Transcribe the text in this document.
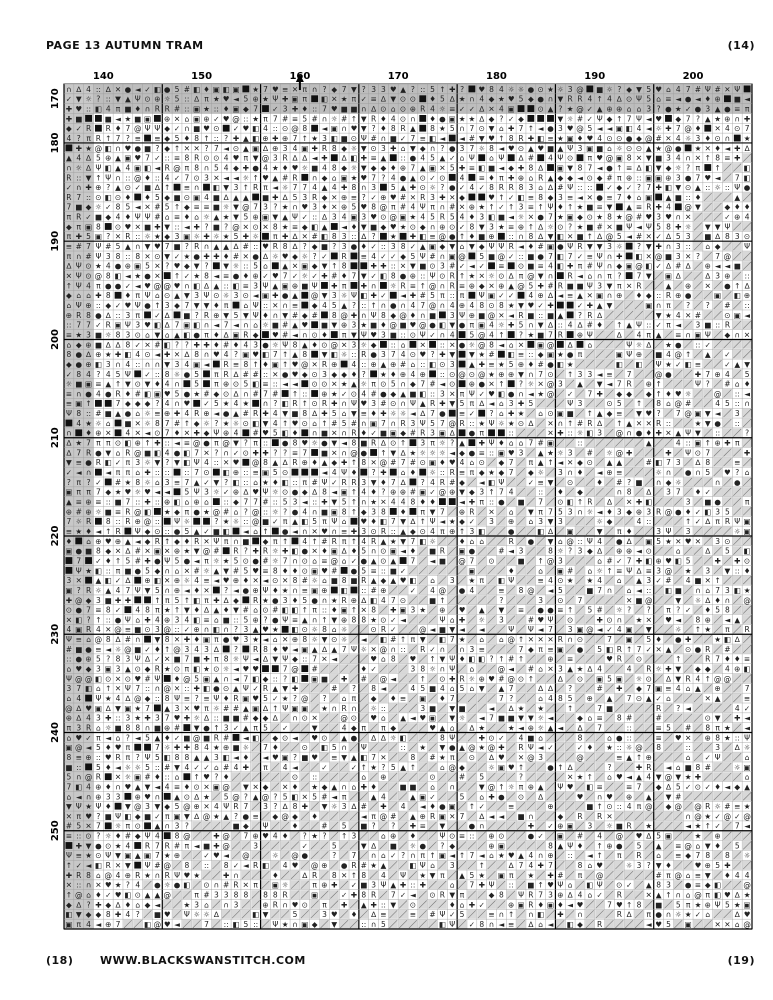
PAGE 13 AUTUMN TRAM	(14)
∩ ∆ 4 :: ∆ ✕ ● ◄ ✓ ◧ ● 5 # ◧ ♦ ▣ ◧ ▣ ★ 7 ♥ ≡ ✕ π ∩ ? ◆ 7 ▼ ? 3 3 ♥ ▲ ? :: 5 ↑ ✚ ? ♥ 8 4 ☼ ☼ ● ⊙ ★ ☼ 3 @ ■ ☼ ? ◆ ▼ 5 ♥ ⌂ 4 7 # Ψ # ✕ Ψ
✓ ▼ ☼ ? :: ▼ ▲ Ψ ⊙ ⊕ ☼ 5 :: ∆ π ★ ♥ ◄ 5 ⊕ ★ Ψ ✚ ▣ π ◧ ✕ ★ π ✓ ≡ ∆ ▼ ⊙ ⊙ ♦ 5 ∆ ★ ∩ 4 ◆ ★ ♥ 5 ◆ ● ∩ ▼ R R 4 ↑ 4 ∆ ⊙ Ψ 5 ⌂ ≡ ◄ ● ◄ ♦ ⊕ ■ ◄
✚ ♥ :: ◧ 4 π ■ ♦ ∩ R R # :: ▣ ★ :: ♦ ▣ ◆ 7 ✓ 3 ✚ ♦ :: 7 ♥ ■ ■ ∩ ∆ ⊙ ⌂ ⊙ ⊕ R 4 ☼ ≡ ✓ ✓ ∆ ✕ 4 ▣	⊙ ▲ ? ★ @ ✓ ▲ ⊕ ⊕ ⌂ ⌂ 3 ? ● ★ ✓ ● 3 ▲ ● ≡ π
✚ ■	■ ◄ ★ ■ ▣ ⊕ ✕ ⌂ ▣ ⊕ ✓ ♥ @ :: ★ π 7 # ≡ 5 # ∩ ☼ # ↑ ▼ R ♦ 4 ⊙ ∩ ♦ ● ▣ ★ ★ ∆ ◆ ? ✓ ◆	▼ ☼ # ✓ Ψ ◆ ↑ 7 Ψ ◄ ♥ ◆ 7 ? ▲ ★ ⊕ ∩ ✚
◆ ✓ R R ♦ 7 @ Ψ Ψ ◆ ✓ ∩ ■ ♥ ⊙ ✓ ♥ ◧ 4 :: ⊙ @ 8 ◄ ▣ ∩ ♥ ▼ ? ♦ 8 R ▲ 8 ★ 5 ∩ 7 ⊙ ▼ ⌂ ✚ 7 ↑ ◄ ● 3 ♥ @ 5 ◄ ◄ ▣ ◧ 4 ◄ ☼ ✚ 7 @ ♦ ✕ 4 ⊙ 7
4 ? π R ↑ 7 ? ≡ ≡ ◆ 5 ♦ 8 ↑ :: ? ✚ ▲ ◧ ⊕ ✚ ⊕ 7 ↑ ★ 3 ◧ ■ ⊙ Ψ # ∩ ■ ✓ 7 ≡ ◧ ◄ ◄ # ▼ ♥ ↑ 8 R ✚ ◧ ≡ ★ ▣ ♦ ♥ 4 ⊙ ⊙ ● ◆ @ # ✕ 4 ☼ 3 ♦ ⊙ ∩ ★
✚ ★ @ ◧ ∩ ♥ ● ■ ? ◆ ↑ ✕ ✕ ? 7 ◄ ⊙ ▲ ▣ ∆ ⊕ 3 4 ▣ ✚ R 8 ◆ ☼ ▼ ⊙ 3 ✚ ⌂ ▼ ◆ ∩ ? ● 3 7 ☼ 8 ◄ ♥ ⊙ ▲ ♥ ■ ▲ Ψ 3 ▣ ■ ⌂ ☼ ⊙ ⊙ ▲ ★ @ ● ★ ✕ ♦ ◄ ✚ ∆
▲ 4 ∆ 5 ⊕ ▲ ▣ ♥ 7 ✓ :: ≡ 8 R ⊙ ⊙ 4 ♥ π ▼ @ 3 R ∆ ∆ ◄ ✚ ∆ ◧ ✚ ≡ ▲ :: ● 4 5 ▲ ✓ ⌂ Ψ ⌂ Ψ ∆ # 4 Ψ ⊙ π ♥ @ ▣ 8 ✕ ▼ ■ 3 4 ∩ ✕ ↑ 8 ≡ ✚
∩ ☼ ∆ Ψ ◧ ▲ 4 ▣ ◧ ◄ R @ π 8 ∩ 5 4 ◆ ✚ ● 4 ★ ♦ ♥ ☼ ■ 4 8 ◆ ☼ ▼ ◆ ◆ ♦ ⊕ 7 ▲ ▣ ✕ 5 ✚ ≡ ◧ ■ ◄ ◆ ✚ 8 ∆ ▣ ▼ 8 7 ◄ ● ↑ ≡ ∆ ◧ ▼ ◆ ☼ ? π ↑	◧
R :: ▼ ↑ Ψ ∩ :: @ ♦ :: 4 ✓ 7 ⊙ 3 ✕ ◄ ◄ ☼ ↑ ♥ ▲ # R ∩ ◆ ⌂ ▣ ★ ♥ 7 ? 4 ● ▲ ⊙ ✓ ⊙ 4 ≡ ♦ π ✚ ⊕ ⌂ R ▲ ◆ ◆ ◄ ⊙ ◆ # π ⊕ :: ▣ ▣ ⊕ 3 ● 7 ♥ ◄ 7 ◧
✓ ∩ ✚ ⊕ ? ▲ ⊙ ✓ ■ ∆ ↑ ≡ ∩ ◧ ▼ 3 ↑ R π ◄ ☼ 7 7 4 ▲ 4 ✚ 8 ∩ 3 5 ▲ ✚ ⊙ ☼ ? ● ✓ 4 ✓ 8 R R 8 3 ⌂ ∆ # Ψ :: :: ✓ ◆ ✓ ? 7 ✚ ◧ ▼ ⊙ ▲ :: ☼ :: Ψ ●
R 7 :: ⊙ ◧ ⊙ ♦ ♦ 5 ◆ ■ ⊙ ▣ 4 ■ ∆ ▲ ▲ ■ ✚ ∆ 5 3 R ◆ ✕ ⊕ ≡ ? ✓ ⊕ ♥ # ✕ R 3 ✚ ✕ ◆	♥ ↑ ✓ ◧ ≡ 8 ◆ 3 ≡ ◄ ✕ ● ≡ 7 ♦ ⌂ ▣ ▲ ■ :: ♦	▲
7 ■ ◆ ☼ ✓ 8 5 ◄ ✕ # 5 ↑ ◆ ≡ ≡ ■ ☼ ▼ @ 7 3 ? ★ ∩ ♥ 3 ♦ ✕ ⊕ 5 ♥ 8 @ π # 4 Ψ π ∩ # ✕ ⊕ ★ ↑ ✓ ↑ 3 ≡ ↑ Ψ ♦ ↑ ★ ■ ≡ ▼ ▲ ≡ R ✚ 4 @ ▼	◆ ♦ ♦
π R ✓ ■ ◆ 4 ♦ Ψ Ψ # ⌂ ≡ ♦ ⌂ ☼ ▲ ★ ▼ 5 ⊕ ▣ ▼ ▲ Ψ ✓ :: ∆ 3 4 ▣ 3 ♥ ⊙ @ ▣ ★ 4 5 R 5 4 ♦ 3 ◧ ■ ◄ ☼ ✕ ● 7 ★ ▣ ◆ ⊙ ★ 8 ★ @ # ♥ 3 ♥ ∩ ✕	✓ ⊕ 4
◆ π ▣ 8 ⊙ ♥ ✕ ■ ✚ ▼ :: ◄ ✚ ? ■ ? @ ✕ ⊙ ✕ 8 ★ ≡ ◆ ◧ ▲ ◄ ♦ ▼ ■ ◆ ♥ ★ ⊙ ◆ ∩ ⊕ ⊙ ✓ 8 ▼ 3 ★ ≡ ⊕ ↑ ∆ ☼ ⊙ ? ★ ■ # ✕ ■ Ψ ◄ Ψ 5 8 ✚ ☼ ▼ ▼ Ψ
π ✚ 5 ▣ ? ✕ R :: ☼ ★ ◆ 3 ▣ ☼ ✚ ☼ ★ 5 ✚ ☼ π ✚ ∆ ✕ # ◧ 8 3 :: ∆ ? ★ ✚ ◧ ≡ @ ● ↑ ♦ ■ ⊕ :: ∩ 8 ∆ ▼ ◧ ✕ ■ ↑ ∆ @ 5 ◄ # ✕ ✓ ∆ 5 3 ■ ∆ 8 3 ⊙
≡ # 7 Ψ # 5 ▲ ∩ ▼ ♥ 7 ■ ? R ∩ ▲ ▲ ∆ # :: ♥ R 8 ∆ ? ◆ ■ ? 3 ● ♦ ✓ :: 3 8 ✓ ▲ ▣ ◆ ▼ ⌂ ▼ ◆ Ψ Ψ R ◄ ♦ # ▣ ● Ψ R ▼ ▼ 3 ☼ ? ▼ ✚ ∩ 3 :: ⌂ ◆	Ψ
π ∩ # Ψ 3 8 :: 8 ✕ ⊙ ▼ ✓ ★ ● ✚ ✚ ♦ # ✕ ● ∆ ☼ ♥ ◆ ☼ ? ✓ R ≡ 4 ✓ ✓ ◆ 5 Ψ # ∩ ▣ @ 5 ■ @ ✓ :: ■ ● 7 ◧ 7 ✓ ≡ Ψ ∩ ✚ ◧ ✕ @ ■ 3 ✕ ? 7 @
∆ Ψ ⊙ ★ 4 ● ⊕ ▣ 5 ✕ ? ♥ ◆ ▼ ? ▼ ☼ :: 5 ⌂ ▲ ✕ ▣ ◆ ▼ ↑ 8	✚ ✚ :: ✕ ▼ ■ ⊙ 3 # ✓ ◄ ✓ ≡ ⊙ ■ ≡ 4 ◧ ✚ π # Ψ ∩ ◆ ▣ @ ◧ ✓ ∆ # ∆ ⊕ ◄ ◄ ■
✕ Ψ ⊙ @ 8 ◧ ◄ ★ ● ✕ ↑ ✓ ★ 8 ◄ ≡ ● ♦ ⊕ ✓ ♥ 7 ✓ ☼ ✓ ✚ # ♦ 7 ▼ ✓ ◧ 8 ● ⊕ :: Ψ ⊙ R ↑ ★ ✕ ☼ ⊙ ∆ π @ ▼ ∩ R ◄ ⌂ ∩ π ? 7 ▼ ▣ ∆	∆ 3 ⊕ ::
↑ Ψ 4 π ● ● ✓ ◄ ♥ @ @ ♥ ∩ ◧ ∆ ▲ :: ◧ ≡ 3 Ψ ▲ ▣ ⊕ ■ Ψ ✚ π ✚ ∩ ☼ R ≡ ↑ @ ∩ R ≡ ⊕ ◆ ✕ ⊕ ▲ @ 5 ✚ # R ■ ■ Ψ 3 ▼ π ✕ R	▲ ⊕ ✕ ● ↑ ∆
◆ ⌂ ⌂ ✚ 8 ♦ π Ψ ⌂ ⊙ ▲ ▼ 3 Ψ ⊙ ☼ 3 ⊙ ◄ ▣ ✚ ● ▲ @ ▼ 3 ☼ Ψ ◧ ✚ ✓ ◄ ✚ # 5 π :: π Ψ ▣ ✓ ✓ 4 ⊕ ∆ ◄ ≡ ▲ ✕ ▣ ∩ ⊕ ♦ ◆ :: R ⊕ ●	▣ ◧ ⊕
⌂ Ψ ⊕ :: ◆ ✓ ♥ Ψ ● ↑ 3 ◆ 7 ▼ ▼ ♦ π ⌂ Ψ :: ✕ ∩ ≡ ◆ 4 5 ▲ ? :: ↑ ∩ ● ∩ 4 7 @ ∩ 4 ⊕ 4 8 ⊙ 8 ★ ▼ ♥ ✓ ✚	✓ ✚ ▲ ▼	▣ ∩ π ? ? # ::
⊕ R 8 ● ∆ :: 3 π ✓ ∆ ■ ? R ⊕ ▼ 5 ▼ Ψ ♦ ∩ ▼ # ◆ # 8 @ ✚ ∩ Ψ 8 ◆ @ ♦ ∩ ■ 3 Ψ ⊕ ■ @ ✕ ◄ R ■ :: ■ ▲ ? R ∆	▼ ★ 4 ✕ #	⊙ ▣ ◄
:: 7 7 ✓ R ▣ Ψ 3 ♥ ◧ ∆ 7 ▣ ◧ ∩ ◄ 7 ◄ ∩ ⌂ ☼ ■ # ▲ ♥ ■ ▼ ⊕ 3 ★ ■ ♦ @ ■ ♥ @ ● ◧ ▼ ● π ▣ 4 ☼ ✚ 5 ∩ ▼ ∆ :: 4 ∆ # ♦ ↑ ▲ Ψ :: ✓ π ◄ 3 ■ :: R
≡ ★ 3 ■ ☼ 8 3 ⊙ ⌂ ▼ ⌂ ▲ ◧ ● π ♦ ∆ ▣ R ◆ ♥ # ◄ ∩ ⊙ ♦ π ▼ Ψ ♥ 3 ■ :: ⊙ Ψ ✓ ∩ 4 5 @ 4 ↑ ? ★ ■ 7 R ⊕ Ψ	∆ 4 π ▲ ≡ ∩ ▣ Ψ ◆ ∩ ✕
⌂ ◆ ⊕ ■ ∆ ∆ 8 ✓ ✕ # ◧ ? ? ✚ ✚ ♦ # ♦ 4 3 ● ☼ Ψ 8 ▲ ♦ ⊙ @ ✕ 3 ☼ ◆ :: ⌂ ✕ :: ✕ ● ☼ @ 8 ◄ ⌂ ✕ ▣ @ ∆ ⌂	Ψ ☼ ∆ ★ ● :: ✓
8 ● ∆ ⊕ ★ ✚ ◧ 4 ⊙ ◄ ✚ ✕ ∆ 8 ∩ ♥ 4 ? ▣ ♥ ◧ 7 ↑ ▲ 8 ▼ ◧ ☼ :: R ● 3 7 4 ⊙ ♥ ? ✚ ▼ ▼ ★ # ◧ ≡ :: ◆ ▣ ★ ● π	▣ Ψ ⊕ ■ 4 @ ↑ ▲ ✓
◆ ● ⊕ ◧ 3 ∩ 4 :: ∩ ∩ ▼ 3 4 ▣ ◄ R ≡ 8 ↑ ♦ ▣ ↑ ♥ @ ✕ R ⊕ 4 :: ⊕ ▲ ⊕ # ⌂ :: ◧ ⊙ 3 ▲ ✚ ≡ ★ 5 ⊕ ♦ # ● ◧ ★	◧ ◧ Ψ ★ ✓ ◧ ≡	✓ ▲ ▼
✓ 8 4 ? 4 5 Ψ ✓ :: 8 ☼ ● 5 π R ∆ # # :: ✕ ● ♥ ◆ ⊙ 3 ◆ ◆ ♦ ? ★ ♦ ⊕ 4 ⊕ :: ⊙ @ ⊙ @ ★ ⊕ ⊕ ▼ ∩ 7 ⊙ ↑ 3 3 ◄ ≡ 7	@ ●	✚ 7 ⊕ 4 5
☼ ■ ▣ ≡ ▲ ↑ ▼ ⊙ ▼ ♦ 4 ∩ 5 π ⊕ ⊙ 5 ◧ ≡ :: ◄ ◄ ⊙ ⊙ ✕ ★ ▲ ☼ π ⊙ 5 ∩ ◆ 7 # ◄ ⊙ ⊕ ● ✕ ↑ ? ☼ ✕ @ 3 ▲ ▼ ◄ 7 R ⊕ ↑	Ψ ? # ⌂ ♦
≡ ∩ ● 4 ● R ♦ # ◧ ▣ ♥ 5 ● ★ # ◆ ⊙ ∆ ∩ # 7 # ↑ :: ⊕ ★ ✓ ⊙ 4 # ● ◆ ▲ ■ ◧ :: 3 ✕ π Ψ ✓ ♥ ◧ ● ∩ ◄ ★ @ ✓ 7 ✚ ◆ ◆ ◆ ↑ ♦ ♥ ☼	@ :: ◄
≡ ▣ ↑	7 ◆ ◆ ◆ ? 4 ∩ ♥ ✓ 5 ★ 4 ★ ∩ ? ◧ R ↑ ⊙ R ✚ ∩ Ψ ♥ 3 # ⊙ ∩ Ψ ▲ R ✚ ▼ 5 π ∆ ◄ ⌂ 3 ✚ 5	Ψ 3	⊙ 5 ↑ 8 ⌂ @ #	4 5 :: ∩
Ψ 8 :: # ■ ▲ ● ⌂ ☼ ≡ ⊕ ✚ 4 R ⊕ ◄ ● ▲ # R ✚ 4 ▼ ■ 8 ∆ ✚ 5 ⌂ ▼ ≡ ♦ ✚ ☼ ☼ ◄ ∆ 7 ● ≡ ✓ ? ⌂ ✚ ★ ⌂ ⊙ ▣ ■ ↑ ▲ ◆ ≡ ▼ ♥ ? 7 @ ▣ ▼ ◄ 3
4 ★ ☼ ⌂ ■ ✕ ☼ 8 7 # ↑ ◆ ☼ ? ★ ☼ ⊙ ◧ ▼ 4 ↑ ♥ ⊙ ⌂ ↑ # 5 # ∩ ▣ 7 ∩ R 3 Ψ 5 7 @ R :: ★ Ψ ☼ ★ ⊙ ∆ ✕ ∩ ↑ # R ∆ ↑ ▲ ✕ ✕ R ::	★ ▼ ● ::
∩ ♦ ⊕ ✕ 4 ✕ ◄ ⊙ 7 ♦ ✕ ✚ ◆ Ψ ⊕ 4 # ♥ 5 ◧ ♦ ∩ ■ ✕ ∩ R ♦ ✓ ■ ▣ ◆ # R 3 ▣ ∆ ● π	::	✕ ✚ :: ☼ ◧ 3 @ ∩ ● ♦ ✚ ✕ ▲ Ψ ▼ ::	?
∆ ★ 7 π π ⊙ ◧ ⊕ ↑ ✚ :: ◄ ≡ @ ● π @ ▼ ? π :: ● 8 ♥ ☼ ● ▼ ◄ 8 ■ R ∆ ⊙ ↑ 3 π ☼ ? ▲ ✚ Ψ ♦ ⌂ ⌂ 7 # ▣	::	▲	4 :: ▣ ↑ ⊕ ✚ π
∆ 7 R ● ▼ ⌂ R @ ■ ◧ 4 ● ◧ 7 ✕ ? ∩ ✓ ⊙ ✚ ✚ ? ? ≡ 7 ■ ✕ ∩ @ ● ↑ ▼ ∆ ★ ☼ ☼ ☼ ◄ ◆ ● ≡ :: ▣ ♥ 3 ▲ ★ ☼ 3 # ☼ @ ✚	✚ Ψ ⊙ 7	✚
▼ ≡ ● R ◧ ✓ π 3 ☼ ▼ ? ▼ ◧ Ψ 4 :: ✕ ♥ @ 8 ▲ ∆ R ⊕ ♦ ▲ ◆ ✚ ↑ 8 ✕ @ # 7 # ⊙ ▣ ♦ ♥ 4 ⌂ ⊙ ◆ 7 π ▲ ↑ ◄ ✕ ◆ ⊙ ▲ ▲	# ◧ 7 3 ∆ 8	≡
✓ ◄ ∩ ◄ π π ⌂ ✚ :: :: :: 7 ⊙ ◧ ⊕ :: ≡ ▣ 5 ⊙	◄ 4 Ψ ♦ ? ✚ ⌂ ♦ ☼ :: R ≡ π ◆ ★ ◆ 7 ◆ ☼ 3 ∩ ♦ ◄ ⊕ ≡	☼ ∩ ● ∩ 5 ♥ ? ⌂
? π ? ✓ # ★ 8 ☼ ⌂ 3 ≡ 7 ▲ ✓ ▼ ? ◧ :: ⌂ ★ ♦ ◧ :: π # Ψ ✓ R R 3 ▼ ♦ 7 ∆ ? 4 R # ◆ ◄ ◧ Ψ	✓ ≡ ▼ ⊙	♦ # ? ■ ∩ ◆ ☼	∩ ●
▣ π π 7 ◆ ★ ♥ ☼ ♥ ◄ ◄ 5 Ψ 3 ☼ ✓ ⊕ ∆ ♥ Ψ ☼ ⊙ ● ◆ ∆ 8 ◄ ▣ ↑ 4 ♦ ? ⊕ ⊕ # ▣ ✓ @ ⊕ ▼ ◆ 3 ↑ 7 4	:: ♦ ◆	∩ 8 ∆ 3 7 ♦ ✓
▲ ≡ ⊕ ≡ :: ■ 7 :: ✚ :: ⊕ ◧ ⌂ ⊕ ⌂ :: ◆ 7 7 # :: 5 3 ◄ :: ✚ ▼ 5 ↑ ∩ ★ ✕ 4 4 8 ♦ ♦	◄ ✚ π :: ● ■ 7 ⊙ ◧ ↑ R ∆ ✕ ✚ ◧	3 ■ ●	π
⊕ # ⊕ ☼ ■ ≡ R @ ◧ ★ ◆ π ● ★ @ # ⌂ ? @ :: ☼ ? ● 4 ∩ ■ ▣ 8 ↑ ◆ 3 8 ♦ π ▼ 7 ⊕ R ✕ ⌂ ▼ π 7 5 3 ∩ ☼ ◄ ♦ 3 ◆ ⊕ 3 R @ ● ♦ ✓ ◧ 3 5
7 ☼ R 8 :: R ⊕ @ :: Ψ ☼	? ★ ☼ :: @ ■ ✓ π ▲ ◧ 5 π Ψ ⌂ ♥ ♦ ◧ 7 ▼ ∆ ↑ Ψ ◄ ★ ◆ ✓ 3 ⊕ ⌂ 3 ▼ 3	☼ ◆	4 ::	↑ ✓ ∆ π R Ψ ▣
≡ ★ ♦ ◄ ↑ R Ψ ◆ ⊙ :: ● 5 ▲ ✓ ■ ◧ ◄ ⌂ ↑ ● ◄ ∩ ✕ ♥ ∩ ≡ ✚ 3 ⊙ R :: ▲ ◆ ⊙ 4 π ⊕ ↑ 3 ◧	●	◧ ∆ ▣	▼ π ♦	3 Ψ 3	☼ ▣
♦ ⌂ ⊕ ♥ ⊕ ▲ ◄ ◆ R ↑ ◆ ♦ R ✕ Ψ π ∩ ■ ◆ π ↑ 4 ↑ # R π ↑ 4 R ▲ ★ ▼ 7 ◧ ☼	♦ ⌂ ⌂	R ● ▼ ⌂ @ :: Ψ 4 ● ∆ ▣ 5 ★ ✕ ♥ ✕ 3 ⊙
▣ ● ■ 8 ◆ ✕ ∆ # ✕ ▣ ✕ ⊕ ★ ▼ @ # R ? ✚ R ☼ ✚ ◧ ● ✕ ♦ ▣ ∆ ♦ 5 ∩ ⊙ ▣ ◄ ♦ ■ R ▣ ●	# ◄ 3	8 ☼ ? 3 ◆ ∆ ⊕ ⊕ ◄ ⊙	⌂	∆ 5 ◧
7 ✓ ♦ ↑ 5 # ✚ ● Ψ 5 ● ◄ π ☼ ★ 5 ⊙ ● # ☼ 7 ∩ ⊙ ⌂ ≡ @ ⌂ ✓ ● ▲ ⊙ ▲ 7 ◄ ■ @ 7 ⊙	■ ↑ @ 3	⌂ # ✓ 7 ✚ ◧ ⊕ ♥ ◧ 5	✚ ✚ ⊙
Ψ ★ ◧ :: π ■ ● 5 ◆ ∩ ⌂ ✕ # ☼ ▲ ▼ # 5 ♥ ≡ 8 ♦ ♦ ⊙ ▣ ♥ # ● 5 ≡ :: ■ ✓	▣	♦	⌂ ▣ # ⌂ ☼ ↑ ≡ Ψ ∆ ≡ 3 @ ★ 3 ▼ :: ♦
3 ✕ ▲ ◧ ✓ ∆ ⊕ ◧ ✕ ⊕ ☼ 4 ≡ ◄ ♥ ⊕ ♦ ✕ ◄ ⊙ ✕ 8 # ☼ ⌂ ■ 8 ■ R ▲ ◆ ▲ ♥ ◧ ⌂ 3 ★ π ◧ Ψ	≡ 4 ⊙ ★ ★ 4 ⌂ ▲ 3 ✓ # 4 ■ ✕ ↑
▣ ? R ☼ ▲ 4 7 Ψ ▼ 5 ∩ ⊕ ◄ ♦ ✕ ? ◄ ● ⊕ Ψ ♦ ★ ∩ ≡ ▣ ⊕ ◧ :: # ⊕	✓ 4 @ ● 4	≡ 8 @ ◄ 5	■ 7 ∩ ⌂ ◄ :: ◧ ■ ∩ ⌂ 7 3 ◧ ★
✚ @ ◆ 3 ■ ✚ ✚	↑ π 5 ↑ ◧ π ✚ ∆ ◆ R ★ ● 3 ♦ 5 ● ∩ ★ R ⊕ ∆ ◧ 4 7 ⊙	■ ↑	?	3 ⊙ 7	✕ ■ @	▼ ☼ ∆ ♦ ∩ @
⊙ ● 7 ≡ 8 ✓ 4 8 π ★ ↑ ▼ ♦ ∆ ▲ ♦ ▼ # ⌂ ⊙ # ◧ ◧ ↑ π :: ♦ ▣ ↑ ✕ 8 ✚ ▣ 3 ★ ⊕ ♥ ▲ ▼ ≡ ● ● ≡ ↑ 5 # ☼ ? ? π ? ✓ ♦ 5 8
✕ ◧ ? ↑ :: ● Ψ ⌂ ✚ 4 ⊕ 3 4 ◧ ≡ ⌂ ■ :: 5 ⊕ ? ● Ψ ≡ ▲ ∩ ↑ ▼ ⊕ 8 8 ★ ⊙ ✓ ◄	Ψ ⌂ ✚ ☼ 3	# ♥ Ψ ⊙	✚ ⊙ ∩ ★ ✕ ♥ ◄ 8 ⊕ ◄ ▲
4 ▣ R 4 ✕ @ ≡ ■ ⊙ 3 @ :: ✓ ⊕ ∩ ◧ ∩ ? 3 ▲ ♥ ★ ◧ ⊙ ☼ 8 ⌂ ☼	⊙ R ✓	@ ◄ ■ ▼ ◄ ◄	Ψ Ψ ◄ 7 3 ▣ @ ◄ ✓ 4 ▣ ▼	☼ ↑ ★ π R
Ψ ≡ ⌂ @ 8 ∆ # ∩ ▼ 8 ✕ ✚ ♦ ▣ π ● ♥ 3 ★ ◄ ⌂ ✕ ⊕ 8 ☼ ▼ ⊙ ☼ ◄ ◧ # ↑ π ▼ ◧ 7 ★ ⌂ ⌂ @ ↑ ✕ ✕ ✕ R ∩ ⊙	7 ▣ 5 ♦ ● ✚	★ ◧ ∆
# ■ ● ≡ ◄ ☼ @ ■ ✓ ♦ ↑ @ 3 4 3 ∆ ? R 8 ♦ ♥ ◄ ▣ ▲ ∆ ▲ 7 Ψ ☼ ✕ @ ∩ :: R ✓ ∩ ∩ 3 ≡	7 ◆ π ≡ ▣ ● 5 ◧ R ↑ 7 ✓ ✕ ▲ ⊙ ● R #
:: ● ⊕ 5 ? 8 3 Ψ ∆ ✓ ✕ ■ 7 ■ ✚ π 8 ☼ Ψ ◄ ∆ ▼ Ψ ◆ :: 7 ✕ ◄	♥ ⌂ 8 ♥ ↑ ▼ Ψ ♦ ◧ ◧ ? ↑ # ↑	⊕ ≡	♥ R ⊙	↑	R 7 ♦ ♦ ≡
⌂ ♥ ◆ 3 ▣ 3 ▲ ⊙ ◆ R ★ ⊙ π ◧ ★ ⊙ ☼ ◄ ♥ ♥	7 @ #	♦ ✓	3 8 ☼ ∩ Ψ ⌂	@ ◄ # ⌂ ✕ 3 ▲ ★ ∆ 4	4 R ☼ ✚ ▼ ◆ ◆ 4 ⊕ ◧
Ψ @ @ ◧ ⊙ ✕ ⊙ ♥ # Ψ ♦ @ 5 ▣ ▲ ∩ ◄ 7 ◧ ◆ :: ? ◧ ▣ ■ ✚ # @ ◄	↑ ⊙ ✚ R ☼ ⊕ ♥ # @ ⊙ ↑	∆ ⊙ ▣ 5 ▣ ☼ ⊙ ∆ ▼ R 4 ↑ @ @
3 7 ◧ ⌂ ↑ ✕ Ψ 7 :: ∩ @ ✕ :: ✚ ◧ ● ⊙ ▲ Ψ ✓ R ▲ ▼ ✚	# ? 8 ◄	4 5 ■ 4 ⌂ 5 ⌂ ▼ ▲ 7	∆ ∆ ?	# ✚ ◆ 7 ▣ ≡ 4 ⌂ ▲ ⊕	7
⌂ 4 Ψ ★ 4 ∆ @ ◆ :: 8 Ψ ≡ ? ≡ Ψ ♦ R ▣ ♥ 5 ✓ ★ ? @ ? ⌂ π ◆ ♦ ≡ ▣ ♦ 7	7 ?	⌂ 4 8 5 ⊕ ▲ 7 ⊙ ▲ ✓ ⌂	✕ ▲	≡
@ ∆ ♥ ▣ ∆ ▼ ▣ ★ 7 ▲ 3 ✕ ♥ π ☼ # # ▲ ▣ ∆ ↑ Ψ ▣ ▣ ★ ∩ R ∩ ☼ ::	3 ■ ▼ ■	◄ ∆ ★ ★	↑	7 ■	R ? ◄	4 ✓
⊕ ∆ 4 3 ✚ :: 3 ★ ✚ 3 7 ♥ ✚ ☼ ∆ :: ■ ■ # ◆ ◆ ∆ ∩ ⊙ ✕	@ ⊙ ♥ ⌂ ▲ ◄ ♥ ▣ ▼ ☼ ◄ 7 ■ ■ ▼ ▼ ☼ ◄	◆ ⌂ ≡ 8 #	#	⊙ ▼ ✚ ◄
π 3 R ⌂ ☼ ■ 8 8 ∩ ■ ⊕ # ▼ ● ↑ 3 ✓ ▲ π 5 ✓	▼	4 ◆ π π ◆	♥ ▲ ⌂ ∆ ★	★ ◄ ⊕ ☼ ▲ ◄ ∆ 7	::	≡ 5 # 8 π ★ ◄
⌂ ♥ ✓ π ◄ ⌂ ? ◄ 5 ▲ ♦ ✓ ■ @ ■ R # ◄ ◧ ◆ ⊙ ◄ ♥ ⊙ ▲ ● ∆ ∆ ☼ ◧	8 Ψ	✚ ⊙ ✓ 4 ■ ⌂	8	⌂ ● ::	≡ ♥ ✕ ⊕ 8 ★ :: Ψ
▣ @ ◄ 5 ♦ ♥ π	7 ☼ ✚ ✚ 8 4 ★ ⊕ ■ ☼ 7 ♦	⊙ ◧ 5 ∩ Ψ	:: ★ ▼ ● ▲ @ ★ @ ✚ R Ψ ◄ ✓	✓ ♦ ★ :: ☼ @ 8	::	3 ∆ ☼
8 ≡ ⊕ :: ♥ R π ? Ψ 5 ◧ 8 8 ▲ ▲ 3 ◧ ◄ ♦ ◄ ♥ ▣ ? ■ ♥ ≡ ▼ ▲ ◧ 7 ✕	8 # ★ π ⊙ ∆ ♥ ✕ @ 3	@	≡ ▲ ↑ ⊕	⌂ ✓ Ψ	⌂
■ :: 5 ♦ ◄ ☼ ☼ 5 :: # ▼ 4 ✓ ✓ ⌂ # 4 ✚ π 4 ◄	✓	✓ ↑ ★ ? 5 ▲ ↑	⌂ @ ◆	☼ ▣ ♥ ↑	● ↑ ∆	?	✚ R ◄ ⌂ ■ 8 #	☼ ▣
5 ∩ @ R ✕ ☼ ▣ # ♦ :: ⌂ ↑ ♥ ? ♦	⊙ ::	⌂ ⊕	⊙	# 5	?	✕ ★ ↑ ⌂ ♥ ◄ ▲ 4 ▼ @ ▼ ★ ✚	⌂
7 ◧ 4 ⊕ ♦ ∩ ♥ ▲ ▼ ◄ 4 ≡ ♦ ⊙ ✕ ▣ @ ▼ ✕ ◆ ✕ ♦ ★ ◆ ▲ ∩ ⌂ ✚ ♦	■ ■ ⌂ ∩	▼ @ ↑ ☼ π ⊕ ▲ Ψ ♥ ◧ ≡	≡ 7 ◆ ∆ 5 ✓ ⊙ ✓ ♦ ◄ ◆ ▲
⌂ ◄ ∩ ⊕ 3 3 ⊕ ♥ ∩ ▲ ⊙ ∆ ★ 5 @ ? ▲ @ ? 5 ◧ ✕ 5 # ◄ π	▲ 4	▲ ▣ ✓	5 ⌂ ✚ ● ⊙ ∆	♥ ∩ ♥ ⊕ ▲ ▼ #
▼ Ψ ★ Ψ ♦ ▼ @ 3 ▼ ◆ 5 @ ⊕ ✕ 4 Ψ R 7 3 ? ∆ 8 ✚ ▼ ☼ 3 ∆ # ✚ 4 ◄ ♦ ● ▣ ↑ ✓	≡	⊕	■ ↑ ⊙ :: 4 π @ ◆ @ @ R ☼ # ≡ ★
✕ π ♥ ? ■ Ψ ◧ ◆ ■ ✓ π ▣ ▼ ∆ @ ★ ▲ ? ● ≡ ◆ @ ◆ ♦	◄ π @ # ▲ ⊕ R ▣ ✕ 7 ∆ ◄ ◄ ■ ∩	◆ R R ✕	∩ @ ★ ✓ @ ✓ @
# 5 ✕ 7 ☼ π ⊙ ▲ ∩ 3 ?	■ ◆ Ψ	♦	# 5 ■ ? ? ✚ ≡ ▼	● ∩	✚ ✓ ⊕ ▣ 3 ☼ ■ R ★	◄ ★ ↑ ✓ 7 ◄
≡ :: ⊙ ? ☼ ♦ # ◆ Ψ 4 8 @	✚ @ 7 ⊕ ♥ 4 ♦ ? ★ ? ↑ 3	⌂ ⊕ ♦	Ψ ⊙ ≡ :: ⊕ ⊙	● ✓ ▣ # 4 @ ♥ ∆ 5 ▣	★ ⊕
✚ ▼ ● ⊙ ★ 4 R 7 R # π ◄ ■ ✚ @	3	✓	5	▼ ∆ ■ ☼ ● ? ◆	⊕ ▣	8 ▲ Ψ ♦ ↑ ⊕ ● 5 ▲ ≡ @ ⌂ ▼ ♦ 5
Ψ ≡ ★ ⊙ Ψ ▼ ▣ ▲ ▣ 7 ★ ⊕	✓ ♥ ◄ @	☼ @ ●	? 7 ∩ ⌂ ✓ ? ∩ π ↑ ▣ ◄ ↑ 7 ◄ ⌂ ★ ♥ ▲ 4 ∩ ⊕ :: ◄ ↑ π R ⌂ ≡ ◆ 7 8 8 ☼
↑ ✓ ◄ ◧ R ✕ ▼ Ψ # @ 8 :: 8 ✓ ◄ R ◧ 4 ♥ @ ⊕ ● R # ★ ▲	◧ Ψ ⌂ 3	↑	∆ 7 4 ✚ 7	8 ⌂ ♥	☼ 3 ? ▼ ♦	♥ ⊕ 5 ✚
✚ R 8 ⌂ @ 4 ⊕ R ★ ∩ R Ψ ♥ ★	✚ ∩	♦	∆ R 8 ✕ ↑ 8 4 Ψ ★ ▼ π ▲ 5 ★ ▣ π ★ ✚ # π @	# π @ ⌂ ≡ ▼ ♦ 4 4
✕ :: ∩ ✕ ♥ ★ ? 4 ● ☼ ● ◧ ⊙ ∩ # R ✕ π ▣ ☼	π ⊕ ✚ ✓ ■ 3 Ψ ▲ ✚ :: ✚	⌂ 7 ✚ Ψ :: ■ ↑ ♥ Ψ ⌂ ◧ Ψ ⊙ ✓ ▲ 8 3 ● ≡ ◆ ◧	@
↑ @ ⌂ ♦ ✓ ♥ ◧ ⊙ ▲ ▲ @	π # 3 3 8 8 8 8 R	▣	✓ ✚ 8 R 7 ✓ ◄ ⊙ R ▼ π	◆ 8 Ψ R 7 3 ⊕ ∆ 4 ⌂ ✓ R	✕ ▲ ↑ ∩ ⌂ @ π ◧ ♥ ∆ ★
◆ ∆ ? ✚ ◆ ∆ ♦ ⌂ ◆ ◄	★ 3 ⌂ ∩ 3	⊕ R ∩ ♥ ⊙ π ✚ ▲ ✚ :: ▼ ⊙	♦ ⌂ ✚ ✓	⊕ ▣ R ♦ ▣ ♦ ◄ ♥	7 ♥ ↑ 8 ■ 5 π ★ ⊕ Ψ 5 ★ ▣
◧ ▼ ◆ ◆ 8 ✚ 4 ? ■ ♥ Ψ ☼ ☼ ∆	◧ ▼	5	3 ♥ ♦ ∆ ≡	≡ # Ψ ✓ 5	≡ ∩ ↑ ∩ ◧ ✚ ∩	R ∆ π ● ∩ ☼ ★ ✓ ⌂	∆ ♥
▣ π 4 ◄ ⊕ 7	◧ @ ♥ ◄	7 :: ◧ 5 :: Ψ ★ ∩ ▣ ◆ ▼	:: ∩ 5	◧ Ψ ✓ 8 ∩ ◄ ≡ ∆ ⌂ ◄ ◧ ◆ R	◄ ♥ 5 ▣	✕ ✕ ⌂ @
140	150	170	180	190	200
170
180
190
200
210
220
230
240
250
(18) WWW.BLACKSWANSTITCH.COM	(19)
